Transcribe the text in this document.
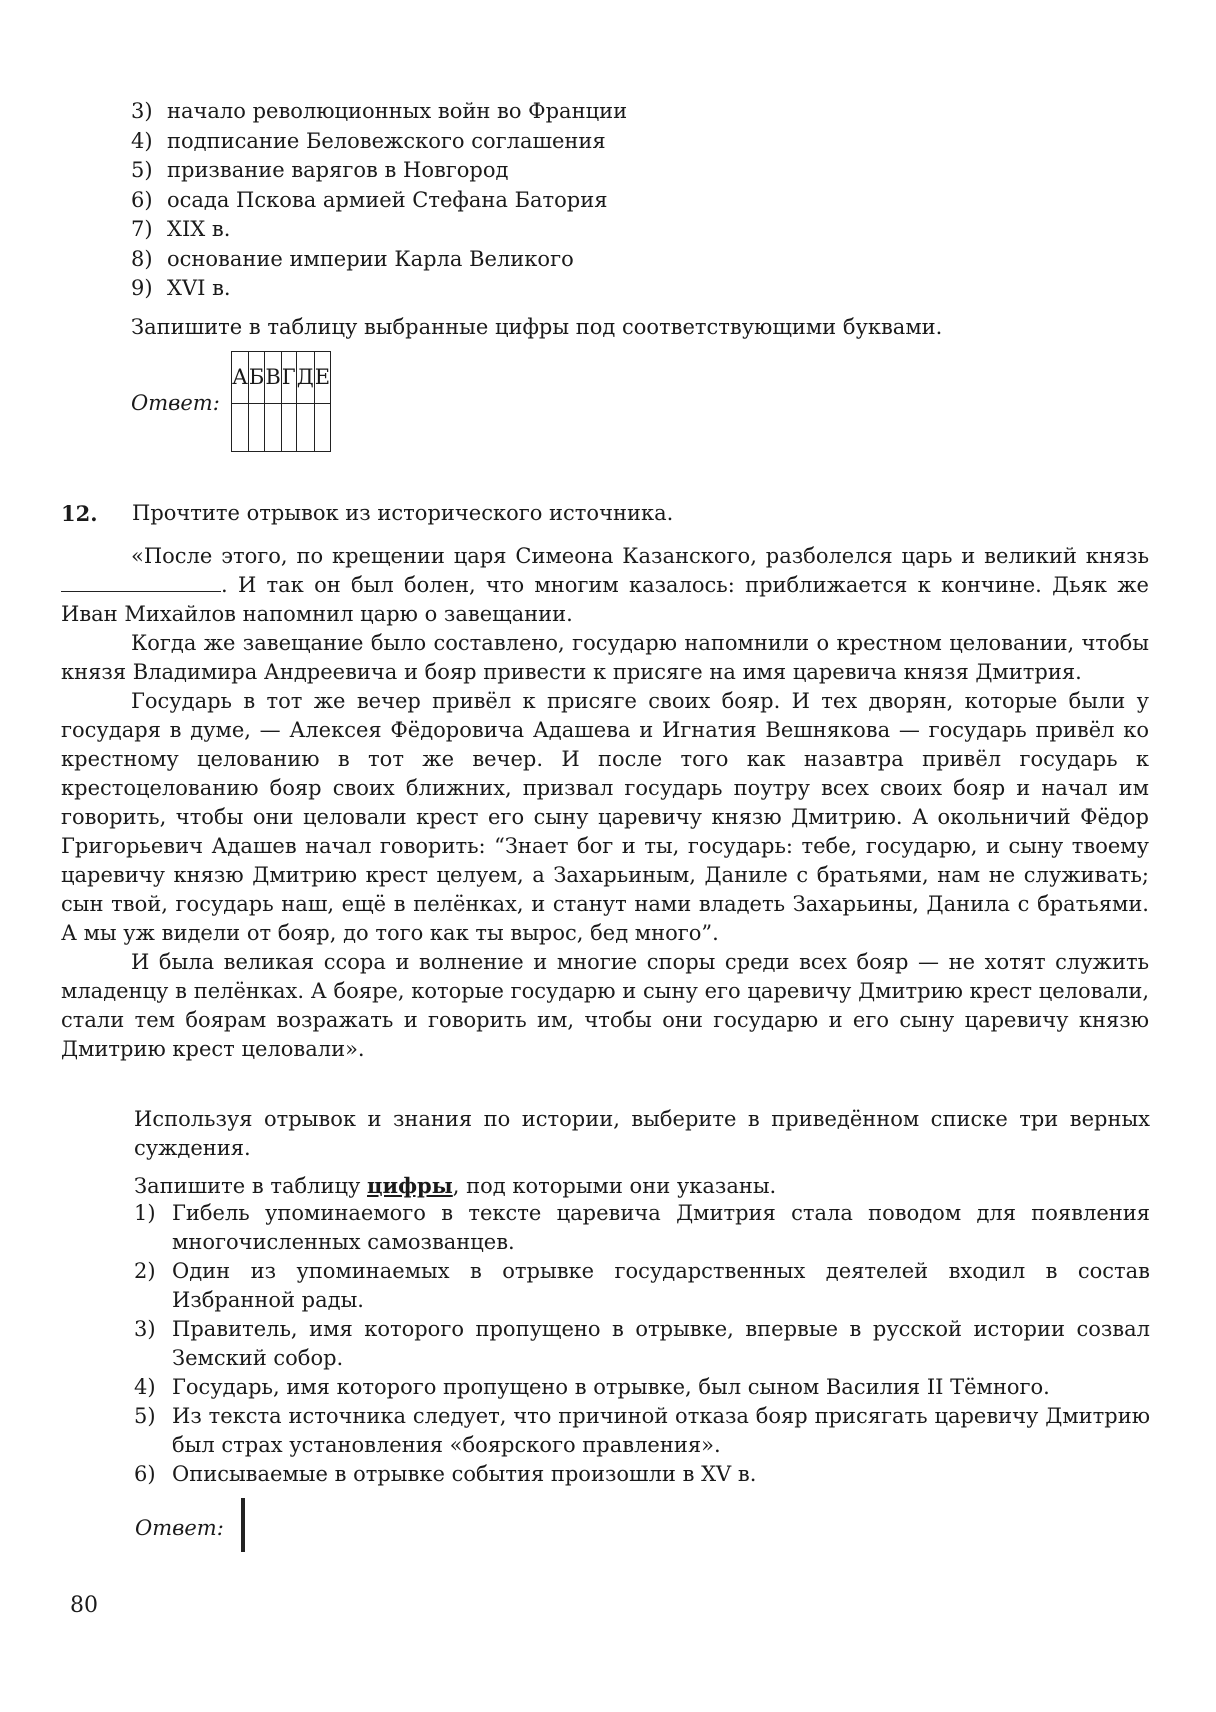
3) начало революционных войн во Франции
4) подписание Беловежского соглашения
5) призвание варягов в Новгород
6) осада Пскова армией Стефана Батория
7) XIX в.
8) основание империи Карла Великого
9) XVI в.
Запишите в таблицу выбранные цифры под соответствующими буквами.
Ответ:
А	Б	В	Г	Д	Е

12. Прочтите отрывок из исторического источника.

«После этого, по крещении царя Симеона Казанского, разболелся царь и великий князь . И так он был болен, что многим казалось: приближается к кончине. Дьяк же Иван Михайлов напомнил царю о завещании.

Когда же завещание было составлено, государю напомнили о крестном целовании, чтобы князя Владимира Андреевича и бояр привести к присяге на имя царевича князя Дмитрия.

Государь в тот же вечер привёл к присяге своих бояр. И тех дворян, которые были у государя в думе, — Алексея Фёдоровича Адашева и Игнатия Вешнякова — государь привёл ко крестному целованию в тот же вечер. И после того как назавтра привёл государь к крестоцелованию бояр своих ближних, призвал государь поутру всех своих бояр и начал им говорить, чтобы они целовали крест его сыну царевичу князю Дмитрию. А окольничий Фёдор Григорьевич Адашев начал говорить: “Знает бог и ты, государь: тебе, государю, и сыну твоему царевичу князю Дмитрию крест целуем, а Захарьиным, Даниле с братьями, нам не служивать; сын твой, государь наш, ещё в пелёнках, и станут нами владеть Захарьины, Данила с братьями. А мы уж видели от бояр, до того как ты вырос, бед много”.

И была великая ссора и волнение и многие споры среди всех бояр — не хотят служить младенцу в пелёнках. А бояре, которые государю и сыну его царевичу Дмитрию крест целовали, стали тем боярам возражать и говорить им, чтобы они государю и его сыну царевичу князю Дмитрию крест целовали».

Используя отрывок и знания по истории, выберите в приведённом списке три верных суждения.

Запишите в таблицу цифры, под которыми они указаны.

1) Гибель упоминаемого в тексте царевича Дмитрия стала поводом для появления многочисленных самозванцев.
2) Один из упоминаемых в отрывке государственных деятелей входил в состав Избранной рады.
3) Правитель, имя которого пропущено в отрывке, впервые в русской истории созвал Земский собор.
4) Государь, имя которого пропущено в отрывке, был сыном Василия II Тёмного.
5) Из текста источника следует, что причиной отказа бояр присягать царевичу Дмитрию был страх установления «боярского правления».
6) Описываемые в отрывке события произошли в XV в.
Ответ:

80
